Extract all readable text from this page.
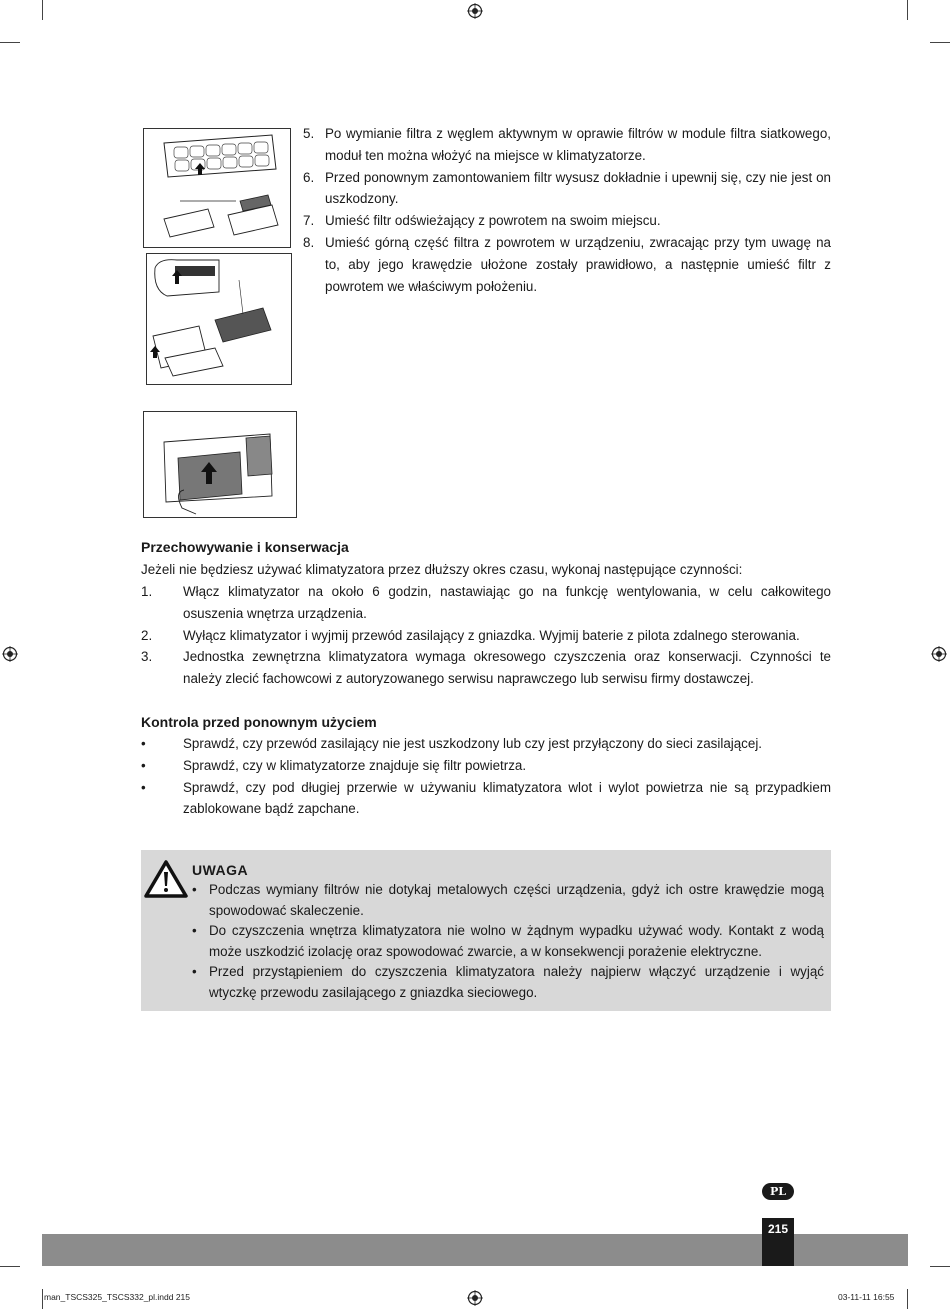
5. Po wymianie filtra z węglem aktywnym w oprawie filtrów w module filtra siatkowego, moduł ten można włożyć na miejsce w klimatyzatorze.
6. Przed ponownym zamontowaniem filtr wysusz dokładnie i upewnij się, czy nie jest on uszkodzony.
7. Umieść filtr odświeżający z powrotem na swoim miejscu.
8. Umieść górną część filtra z powrotem w urządzeniu, zwracając przy tym uwagę na to, aby jego krawędzie ułożone zostały prawidłowo, a następnie umieść filtr z powrotem we właściwym położeniu.
Przechowywanie i konserwacja

Jeżeli nie będziesz używać klimatyzatora przez dłuższy okres czasu, wykonaj następujące czynności:

1. Włącz klimatyzator na około 6 godzin, nastawiając go na funkcję wentylowania, w celu całkowitego osuszenia wnętrza urządzenia.
2. Wyłącz klimatyzator i wyjmij przewód zasilający z gniazdka. Wyjmij baterie z pilota zdalnego sterowania.
3. Jednostka zewnętrzna klimatyzatora wymaga okresowego czyszczenia oraz konserwacji. Czynności te należy zlecić fachowcowi z autoryzowanego serwisu naprawczego lub serwisu firmy dostawczej.
Kontrola przed ponownym użyciem
•	Sprawdź, czy przewód zasilający nie jest uszkodzony lub czy jest przyłączony do sieci zasilającej.
•	Sprawdź, czy w klimatyzatorze znajduje się filtr powietrza.
•	Sprawdź, czy pod długiej przerwie w używaniu klimatyzatora wlot i wylot powietrza nie są przypadkiem zablokowane bądź zapchane.
UWAGA
• Podczas wymiany filtrów nie dotykaj metalowych części urządzenia, gdyż ich ostre krawędzie mogą spowodować skaleczenie.
• Do czyszczenia wnętrza klimatyzatora nie wolno w żądnym wypadku używać wody. Kontakt z wodą może uszkodzić izolację oraz spowodować zwarcie, a w konsekwencji porażenie elektryczne.
• Przed przystąpieniem do czyszczenia klimatyzatora należy najpierw włączyć urządzenie i wyjąć wtyczkę przewodu zasilającego z gniazdka sieciowego.
PL
215
man_TSCS325_TSCS332_pl.indd 215	03-11-11 16:55
